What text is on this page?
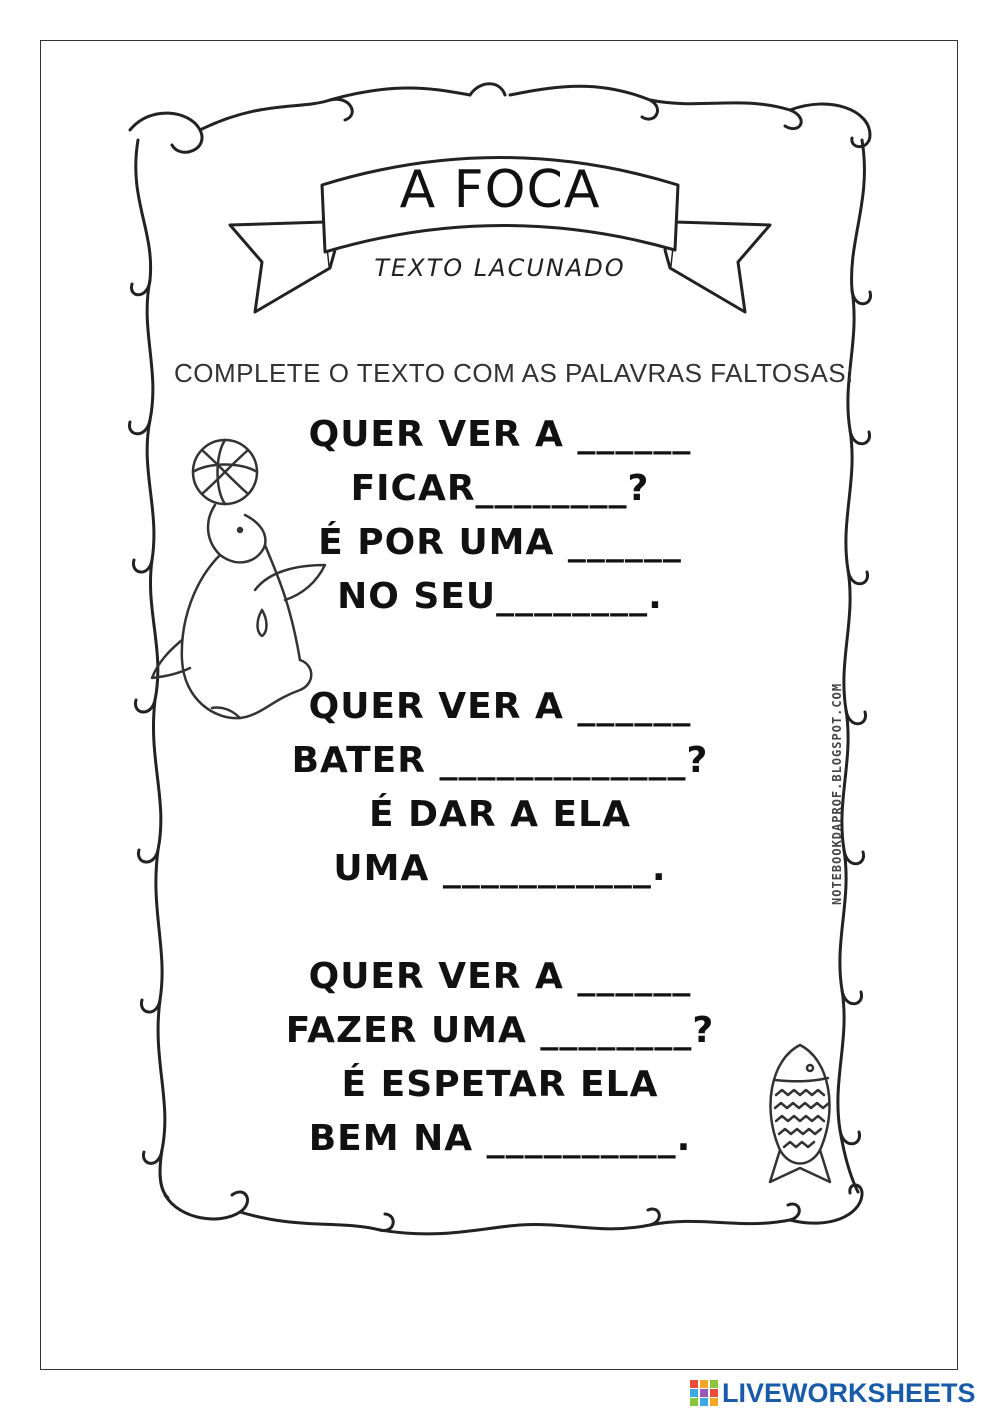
A FOCA
TEXTO LACUNADO
COMPLETE O TEXTO COM AS PALAVRAS FALTOSAS:
QUER VER A ______
FICAR________?
É POR UMA ______
NO SEU________.
QUER VER A ______
BATER _____________?
É DAR A ELA
UMA ___________.
QUER VER A ______
FAZER UMA ________?
É ESPETAR ELA
BEM NA __________.
NOTEBOOKDAPROF.BLOGSPOT.COM
LIVEWORKSHEETS
